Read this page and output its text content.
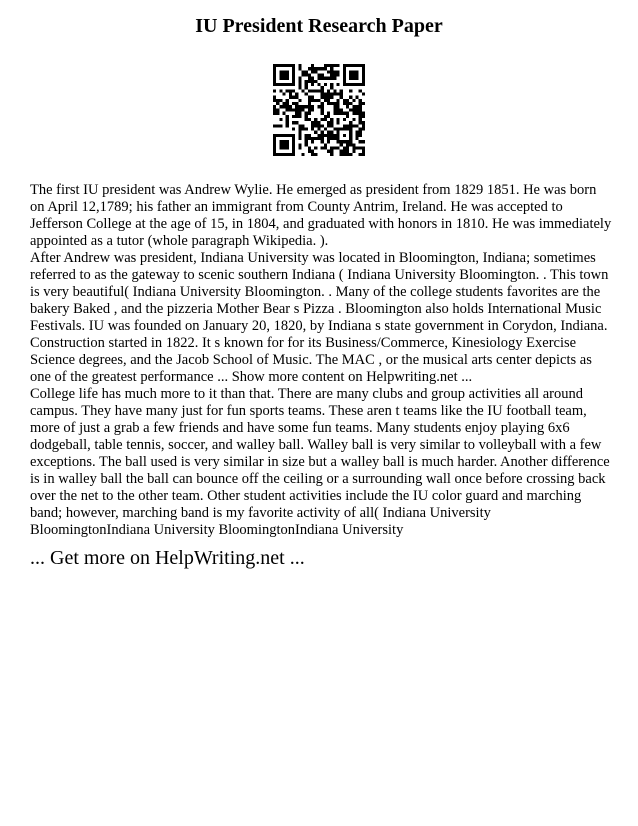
IU President Research Paper

The first IU president was Andrew Wylie. He emerged as president from 1829 1851. He was born on April 12,1789; his father an immigrant from County Antrim, Ireland. He was accepted to Jefferson College at the age of 15, in 1804, and graduated with honors in 1810. He was immediately appointed as a tutor (whole paragraph Wikipedia. ).

After Andrew was president, Indiana University was located in Bloomington, Indiana; sometimes referred to as the gateway to scenic southern Indiana ( Indiana University Bloomington. . This town is very beautiful( Indiana University Bloomington. . Many of the college students favorites are the bakery Baked , and the pizzeria Mother Bear s Pizza . Bloomington also holds International Music Festivals. IU was founded on January 20, 1820, by Indiana s state government in Corydon, Indiana. Construction started in 1822. It s known for for its Business/Commerce, Kinesiology Exercise Science degrees, and the Jacob School of Music. The MAC , or the musical arts center depicts as one of the greatest performance ... Show more content on Helpwriting.net ...

College life has much more to it than that. There are many clubs and group activities all around campus. They have many just for fun sports teams. These aren t teams like the IU football team, more of just a grab a few friends and have some fun teams. Many students enjoy playing 6x6 dodgeball, table tennis, soccer, and walley ball. Walley ball is very similar to volleyball with a few exceptions. The ball used is very similar in size but a walley ball is much harder. Another difference is in walley ball the ball can bounce off the ceiling or a surrounding wall once before crossing back over the net to the other team. Other student activities include the IU color guard and marching band; however, marching band is my favorite activity of all( Indiana University BloomingtonIndiana University BloomingtonIndiana University

... Get more on HelpWriting.net ...
